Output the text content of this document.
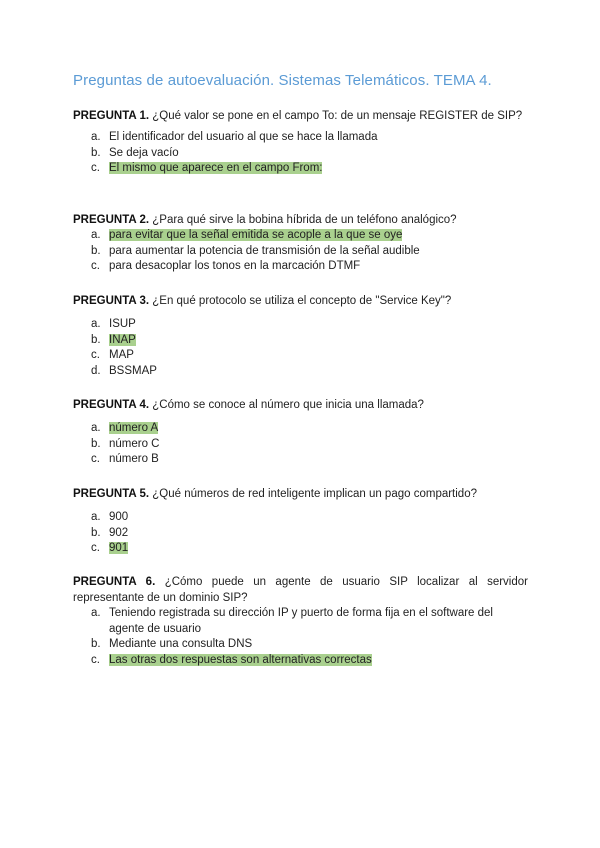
Preguntas de autoevaluación. Sistemas Telemáticos. TEMA 4.

PREGUNTA 1. ¿Qué valor se pone en el campo To: de un mensaje REGISTER de SIP?

a. El identificador del usuario al que se hace la llamada
b. Se deja vacío
c. El mismo que aparece en el campo From:

PREGUNTA 2. ¿Para qué sirve la bobina híbrida de un teléfono analógico?

a. para evitar que la señal emitida se acople a la que se oye
b. para aumentar la potencia de transmisión de la señal audible
c. para desacoplar los tonos en la marcación DTMF

PREGUNTA 3. ¿En qué protocolo se utiliza el concepto de "Service Key"?

a. ISUP
b. INAP
c. MAP
d. BSSMAP

PREGUNTA 4. ¿Cómo se conoce al número que inicia una llamada?

a. número A
b. número C
c. número B

PREGUNTA 5. ¿Qué números de red inteligente implican un pago compartido?

a. 900
b. 902
c. 901

PREGUNTA 6. ¿Cómo puede un agente de usuario SIP localizar al servidor representante de un dominio SIP?

a. Teniendo registrada su dirección IP y puerto de forma fija en el software del agente de usuario
b. Mediante una consulta DNS
c. Las otras dos respuestas son alternativas correctas
